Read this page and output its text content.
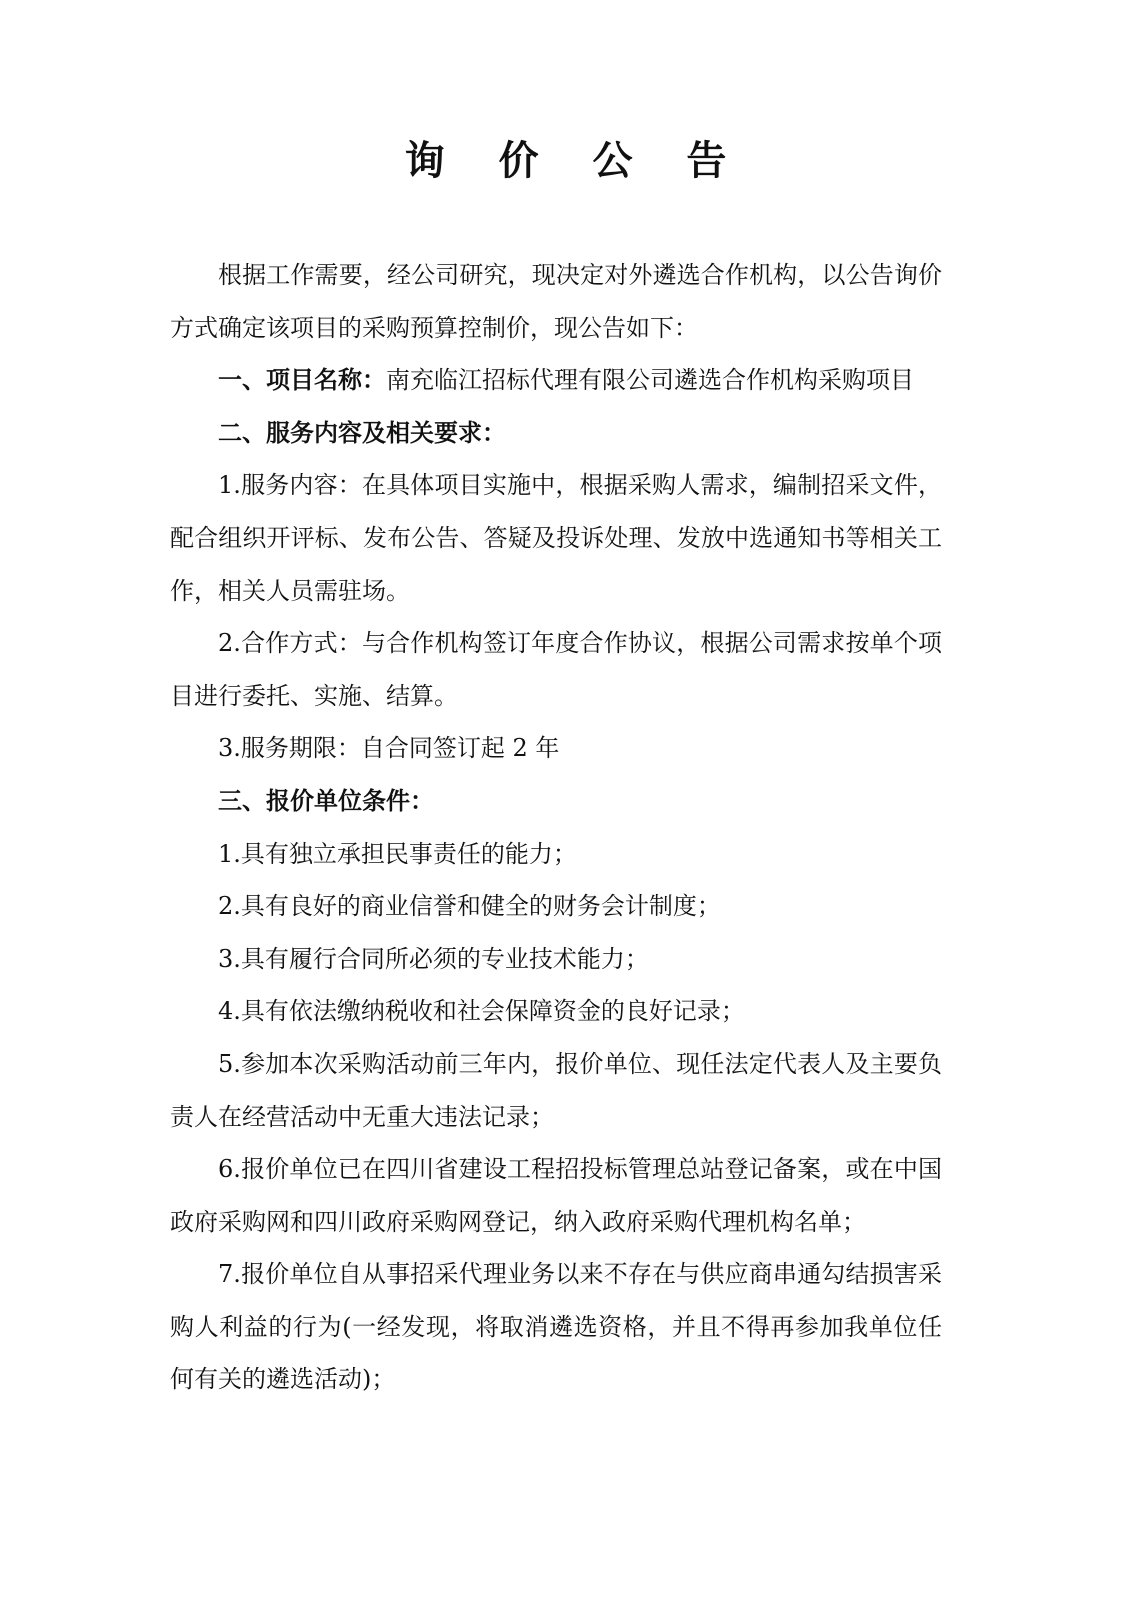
询 价 公 告

根据工作需要，经公司研究，现决定对外遴选合作机构，以公告询价方式确定该项目的采购预算控制价，现公告如下：

一、项目名称：南充临江招标代理有限公司遴选合作机构采购项目

二、服务内容及相关要求：

1.服务内容：在具体项目实施中，根据采购人需求，编制招采文件，配合组织开评标、发布公告、答疑及投诉处理、发放中选通知书等相关工作，相关人员需驻场。

2.合作方式：与合作机构签订年度合作协议，根据公司需求按单个项目进行委托、实施、结算。

3.服务期限：自合同签订起 2 年

三、报价单位条件：

1.具有独立承担民事责任的能力；

2.具有良好的商业信誉和健全的财务会计制度；

3.具有履行合同所必须的专业技术能力；

4.具有依法缴纳税收和社会保障资金的良好记录；

5.参加本次采购活动前三年内，报价单位、现任法定代表人及主要负责人在经营活动中无重大违法记录；

6.报价单位已在四川省建设工程招投标管理总站登记备案，或在中国政府采购网和四川政府采购网登记，纳入政府采购代理机构名单；

7.报价单位自从事招采代理业务以来不存在与供应商串通勾结损害采购人利益的行为(一经发现，将取消遴选资格，并且不得再参加我单位任何有关的遴选活动)；
